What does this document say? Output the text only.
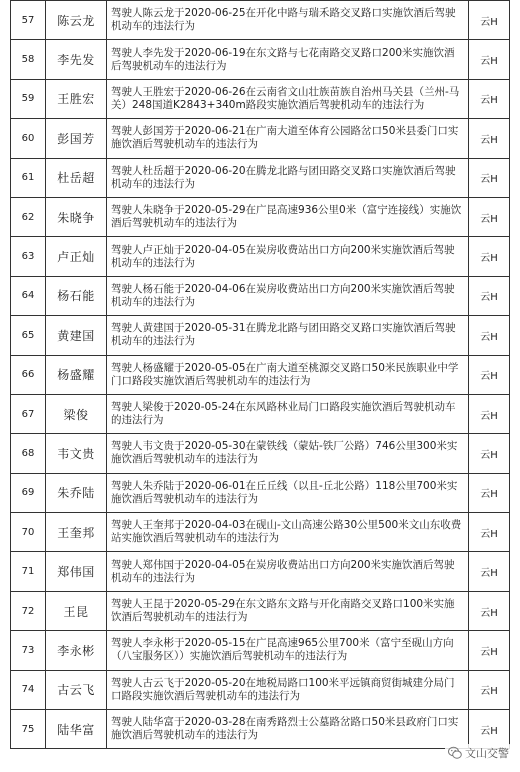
57	陈云龙	驾驶人陈云龙于2020-06-25在开化中路与瑞禾路交叉路口实施饮酒后驾驶机动车的违法行为	云H
58	李先发	驾驶人李先发于2020-06-19在东文路与七花南路交叉路口200米实施饮酒后驾驶机动车的违法行为	云H
59	王胜宏	驾驶人王胜宏于2020-06-26在云南省文山壮族苗族自治州马关县（兰州-马关）248国道K2843+340m路段实施饮酒后驾驶机动车的违法行为	云H
60	彭国芳	驾驶人彭国芳于2020-06-21在广南大道至体育公园路岔口50米县委门口实施饮酒后驾驶机动车的违法行为	云H
61	杜岳超	驾驶人杜岳超于2020-06-20在腾龙北路与团田路交叉路口实施饮酒后驾驶机动车的违法行为	云H
62	朱晓争	驾驶人朱晓争于2020-05-29在广昆高速936公里0米（富宁连接线）实施饮酒后驾驶机动车的违法行为	云H
63	卢正灿	驾驶人卢正灿于2020-04-05在炭房收费站出口方向200米实施饮酒后驾驶机动车的违法行为	云H
64	杨石能	驾驶人杨石能于2020-04-06在炭房收费站出口方向200米实施饮酒后驾驶机动车的违法行为	云H
65	黄建国	驾驶人黄建国于2020-05-31在腾龙北路与团田路交叉路口实施饮酒后驾驶机动车的违法行为	云H
66	杨盛耀	驾驶人杨盛耀于2020-05-05在广南大道至桃源交叉路口50米民族职业中学门口路段实施饮酒后驾驶机动车的违法行为	云H
67	梁俊	驾驶人梁俊于2020-05-24在东风路林业局门口路段实施饮酒后驾驶机动车的违法行为	云H
68	韦文贵	驾驶人韦文贵于2020-05-30在蒙铁线（蒙姑-铁厂公路）746公里300米实施饮酒后驾驶机动车的违法行为	云H
69	朱乔陆	驾驶人朱乔陆于2020-06-01在丘丘线（以且-丘北公路）118公里700米实施饮酒后驾驶机动车的违法行为	云H
70	王奎邦	驾驶人王奎邦于2020-04-03在砚山-文山高速公路30公里500米文山东收费站实施饮酒后驾驶机动车的违法行为	云H
71	郑伟国	驾驶人郑伟国于2020-04-05在炭房收费站出口方向200米实施饮酒后驾驶机动车的违法行为	云H
72	王昆	驾驶人王昆于2020-05-29在东文路东文路与开化南路交叉路口100米实施饮酒后驾驶机动车的违法行为	云H
73	李永彬	驾驶人李永彬于2020-05-15在广昆高速965公里700米（富宁至砚山方向（八宝服务区））实施饮酒后驾驶机动车的违法行为	云H
74	古云飞	驾驶人古云飞于2020-05-20在地税局路口100米平远镇商贸街城建分局门口路段实施饮酒后驾驶机动车的违法行为	云H
75	陆华富	驾驶人陆华富于2020-03-28在南秀路烈士公墓路岔路口50米县政府门口实施饮酒后驾驶机动车的违法行为	云H
文山交警
